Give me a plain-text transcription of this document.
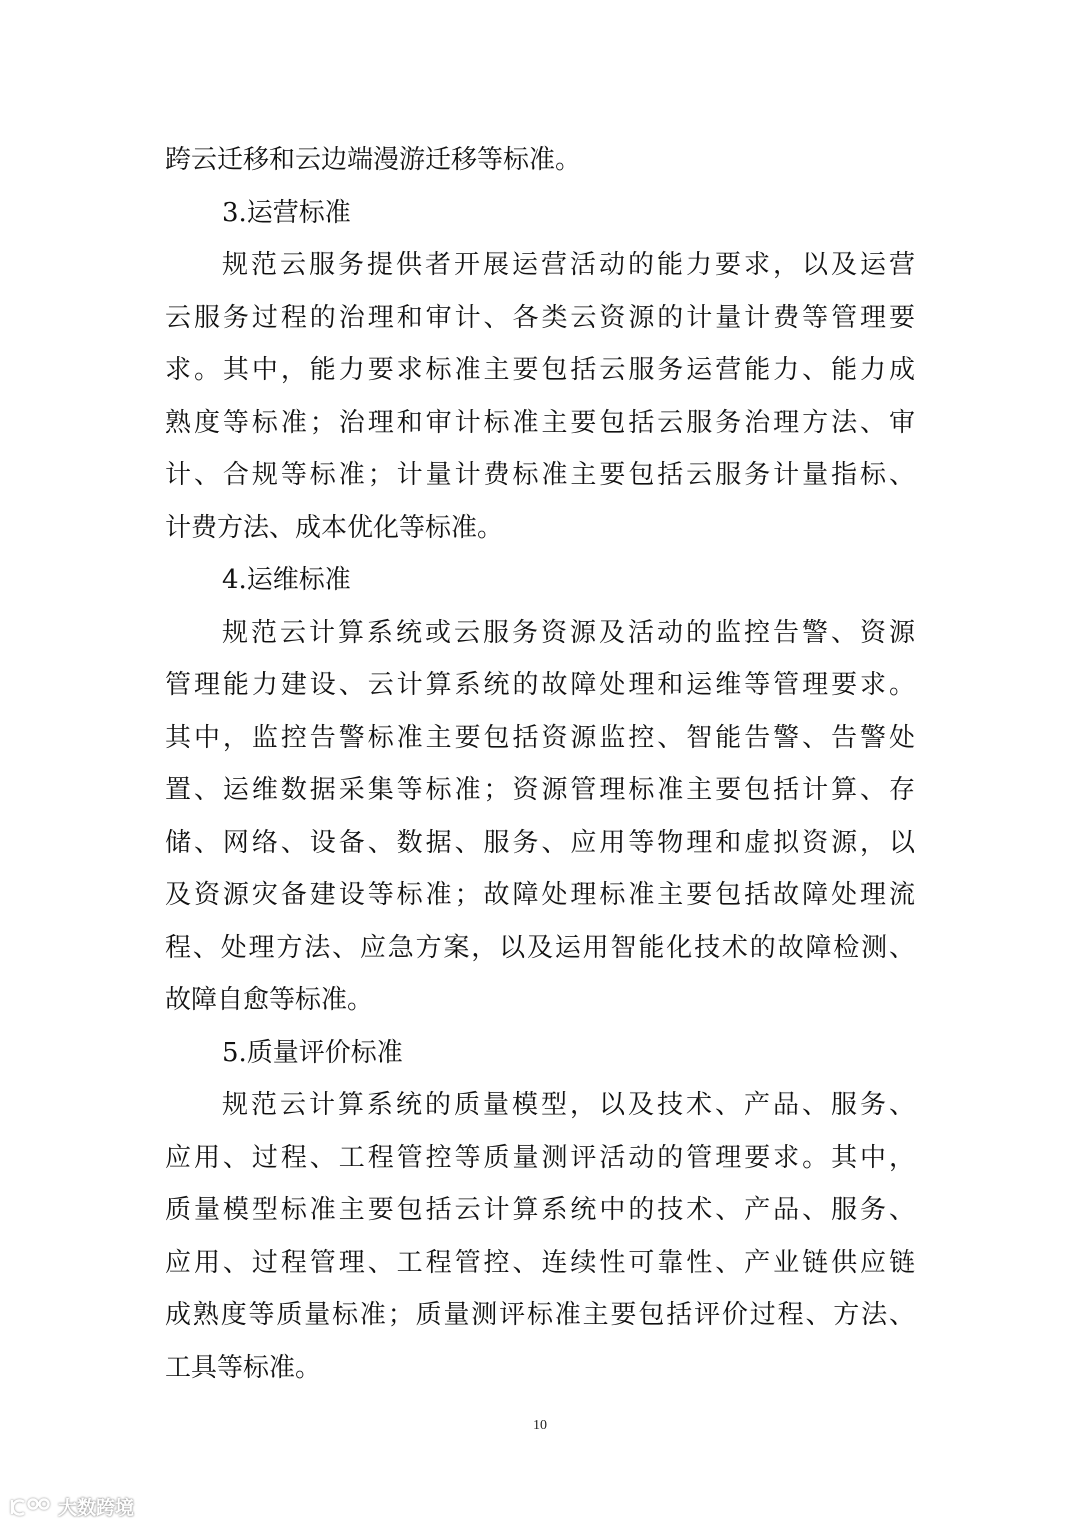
跨云迁移和云边端漫游迁移等标准。
3.运营标准
规范云服务提供者开展运营活动的能力要求，以及运营
云服务过程的治理和审计、各类云资源的计量计费等管理要
求。其中，能力要求标准主要包括云服务运营能力、能力成
熟度等标准；治理和审计标准主要包括云服务治理方法、审
计、合规等标准；计量计费标准主要包括云服务计量指标、
计费方法、成本优化等标准。
4.运维标准
规范云计算系统或云服务资源及活动的监控告警、资源
管理能力建设、云计算系统的故障处理和运维等管理要求。
其中，监控告警标准主要包括资源监控、智能告警、告警处
置、运维数据采集等标准；资源管理标准主要包括计算、存
储、网络、设备、数据、服务、应用等物理和虚拟资源，以
及资源灾备建设等标准；故障处理标准主要包括故障处理流
程、处理方法、应急方案，以及运用智能化技术的故障检测、
故障自愈等标准。
5.质量评价标准
规范云计算系统的质量模型，以及技术、产品、服务、
应用、过程、工程管控等质量测评活动的管理要求。其中，
质量模型标准主要包括云计算系统中的技术、产品、服务、
应用、过程管理、工程管控、连续性可靠性、产业链供应链
成熟度等质量标准；质量测评标准主要包括评价过程、方法、
工具等标准。
10
大数跨境
